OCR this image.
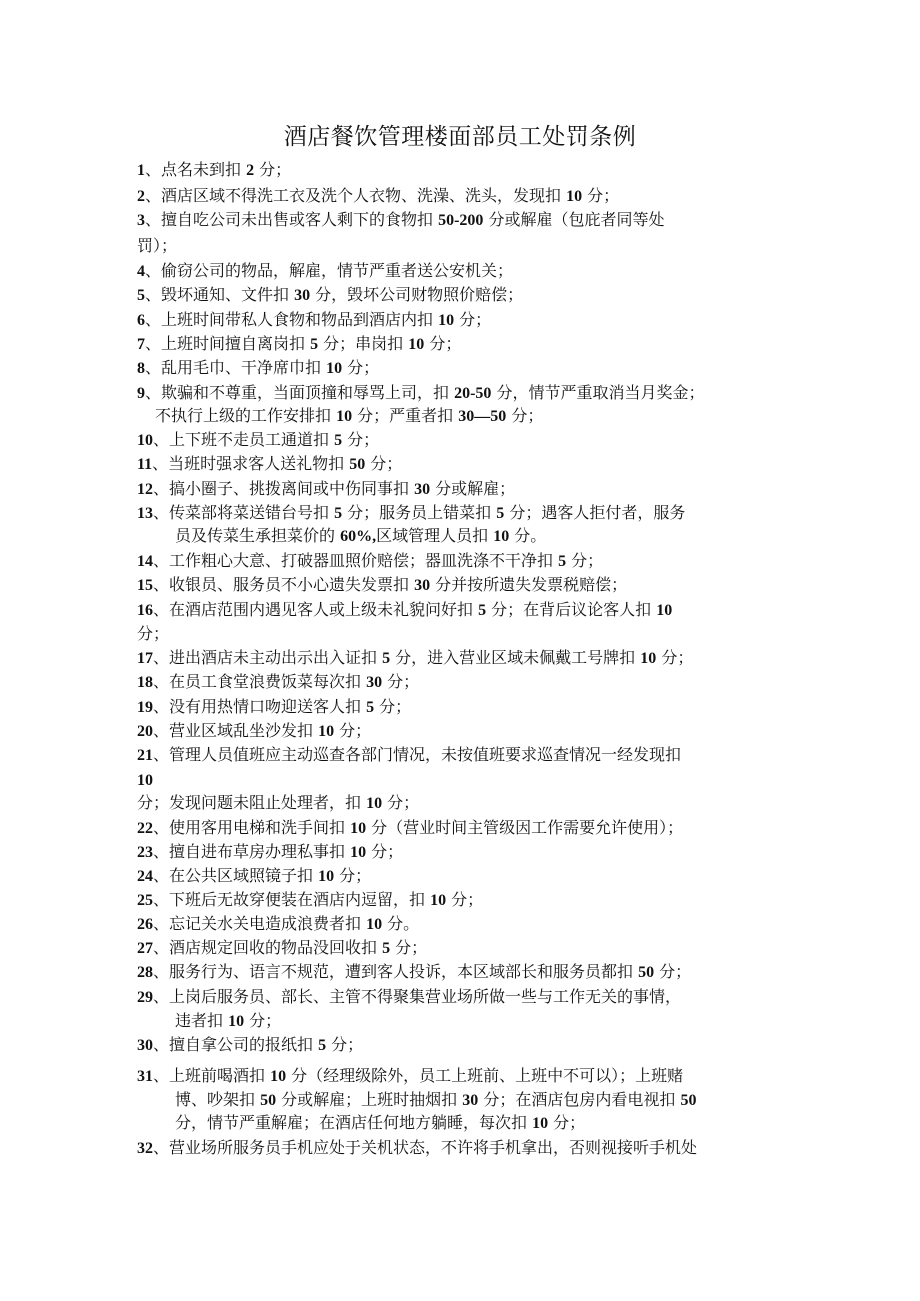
酒店餐饮管理楼面部员工处罚条例
1、点名未到扣 2 分；
2、酒店区域不得洗工衣及洗个人衣物、洗澡、洗头，发现扣 10 分；
3、擅自吃公司未出售或客人剩下的食物扣 50-200 分或解雇（包庇者同等处
罚）；
4、偷窃公司的物品，解雇，情节严重者送公安机关；
5、毁坏通知、文件扣 30 分，毁坏公司财物照价赔偿；
6、上班时间带私人食物和物品到酒店内扣 10 分；
7、上班时间擅自离岗扣 5 分；串岗扣 10 分；
8、乱用毛巾、干净席巾扣 10 分；
9、欺骗和不尊重，当面顶撞和辱骂上司，扣 20-50 分，情节严重取消当月奖金；
不执行上级的工作安排扣 10 分；严重者扣 30—50 分；
10、上下班不走员工通道扣 5 分；
11、当班时强求客人送礼物扣 50 分；
12、搞小圈子、挑拨离间或中伤同事扣 30 分或解雇；
13、传菜部将菜送错台号扣 5 分；服务员上错菜扣 5 分；遇客人拒付者，服务
员及传菜生承担菜价的 60%,区域管理人员扣 10 分。
14、工作粗心大意、打破器皿照价赔偿；器皿洗涤不干净扣 5 分；
15、收银员、服务员不小心遗失发票扣 30 分并按所遗失发票税赔偿；
16、在酒店范围内遇见客人或上级未礼貌问好扣 5 分；在背后议论客人扣 10
分；
17、进出酒店未主动出示出入证扣 5 分，进入营业区域未佩戴工号牌扣 10 分；
18、在员工食堂浪费饭菜每次扣 30 分；
19、没有用热情口吻迎送客人扣 5 分；
20、营业区域乱坐沙发扣 10 分；
21、管理人员值班应主动巡查各部门情况，未按值班要求巡查情况一经发现扣
10
分；发现问题未阻止处理者，扣 10 分；
22、使用客用电梯和洗手间扣 10 分（营业时间主管级因工作需要允许使用）；
23、擅自进布草房办理私事扣 10 分；
24、在公共区域照镜子扣 10 分；
25、下班后无故穿便装在酒店内逗留，扣 10 分；
26、忘记关水关电造成浪费者扣 10 分。
27、酒店规定回收的物品没回收扣 5 分；
28、服务行为、语言不规范，遭到客人投诉，本区域部长和服务员都扣 50 分；
29、上岗后服务员、部长、主管不得聚集营业场所做一些与工作无关的事情，
违者扣 10 分；
30、擅自拿公司的报纸扣 5 分；
31、上班前喝酒扣 10 分（经理级除外，员工上班前、上班中不可以）；上班赌
博、吵架扣 50 分或解雇；上班时抽烟扣 30 分；在酒店包房内看电视扣 50
分，情节严重解雇；在酒店任何地方躺睡，每次扣 10 分；
32、营业场所服务员手机应处于关机状态，不许将手机拿出，否则视接听手机处
